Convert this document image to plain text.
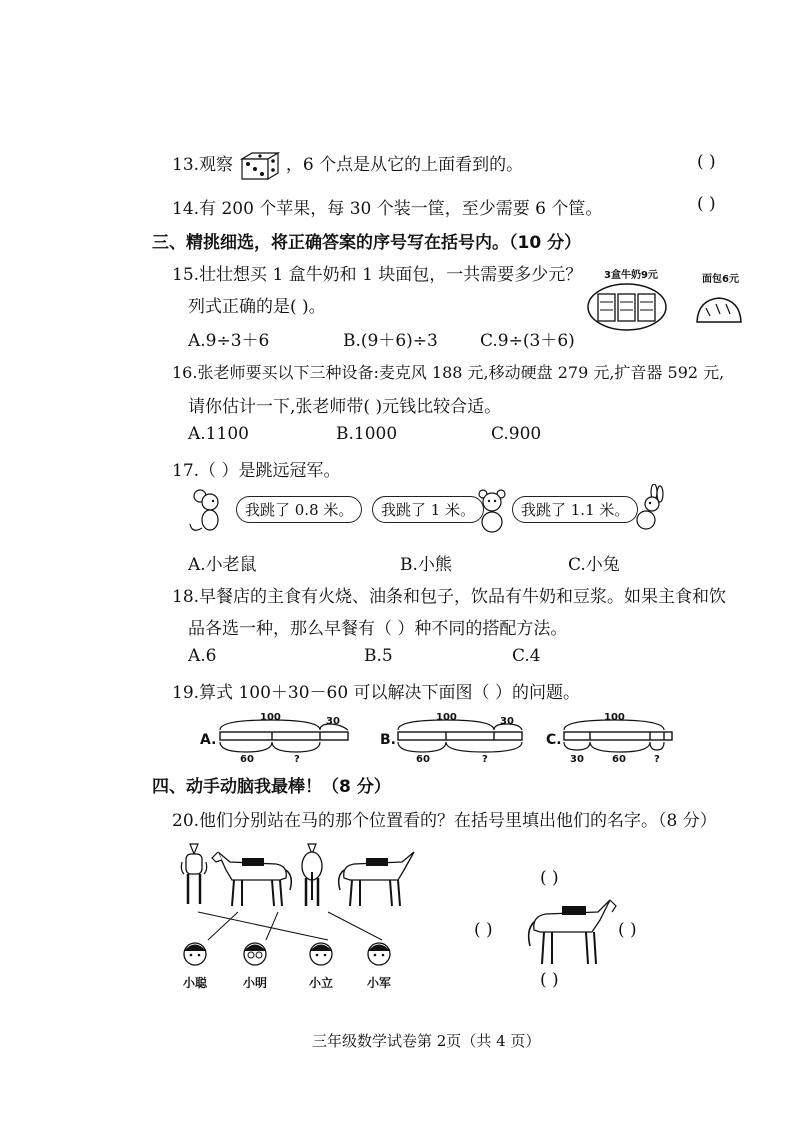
13.观察	，6 个点是从它的上面看到的。	( )
14.有 200 个苹果，每 30 个装一筐，至少需要 6 个筐。	( )
三、精挑细选，将正确答案的序号写在括号内。（10 分）
15.壮壮想买 1 盒牛奶和 1 块面包，一共需要多少元？
列式正确的是( )。
3盒牛奶9元	面包6元
A.9÷3＋6	B.(9＋6)÷3 C.9÷(3＋6)
16.张老师要买以下三种设备:麦克风 188 元,移动硬盘 279 元,扩音器 592 元,
请你估计一下,张老师带( )元钱比较合适。
A.1100	B.1000	C.900
17.（ ）是跳远冠军。
我跳了 0.8 米。	我跳了 1 米。	我跳了 1.1 米。
A.小老鼠	B.小熊	C.小兔
18.早餐店的主食有火烧、油条和包子，饮品有牛奶和豆浆。如果主食和饮
品各选一种，那么早餐有（ ）种不同的搭配方法。
A.6	B.5	C.4
19.算式 100＋30－60 可以解决下面图（ ）的问题。
A.
100	30
60	?
B.
100	30
60	?
C.
100
30	60	?
四、动手动脑我最棒！（8 分）
20.他们分别站在马的那个位置看的？在括号里填出他们的名字。（8 分）
小聪	小明	小立	小军
( )
( )	( )
( )
三年级数学试卷第 2页（共 4 页）
